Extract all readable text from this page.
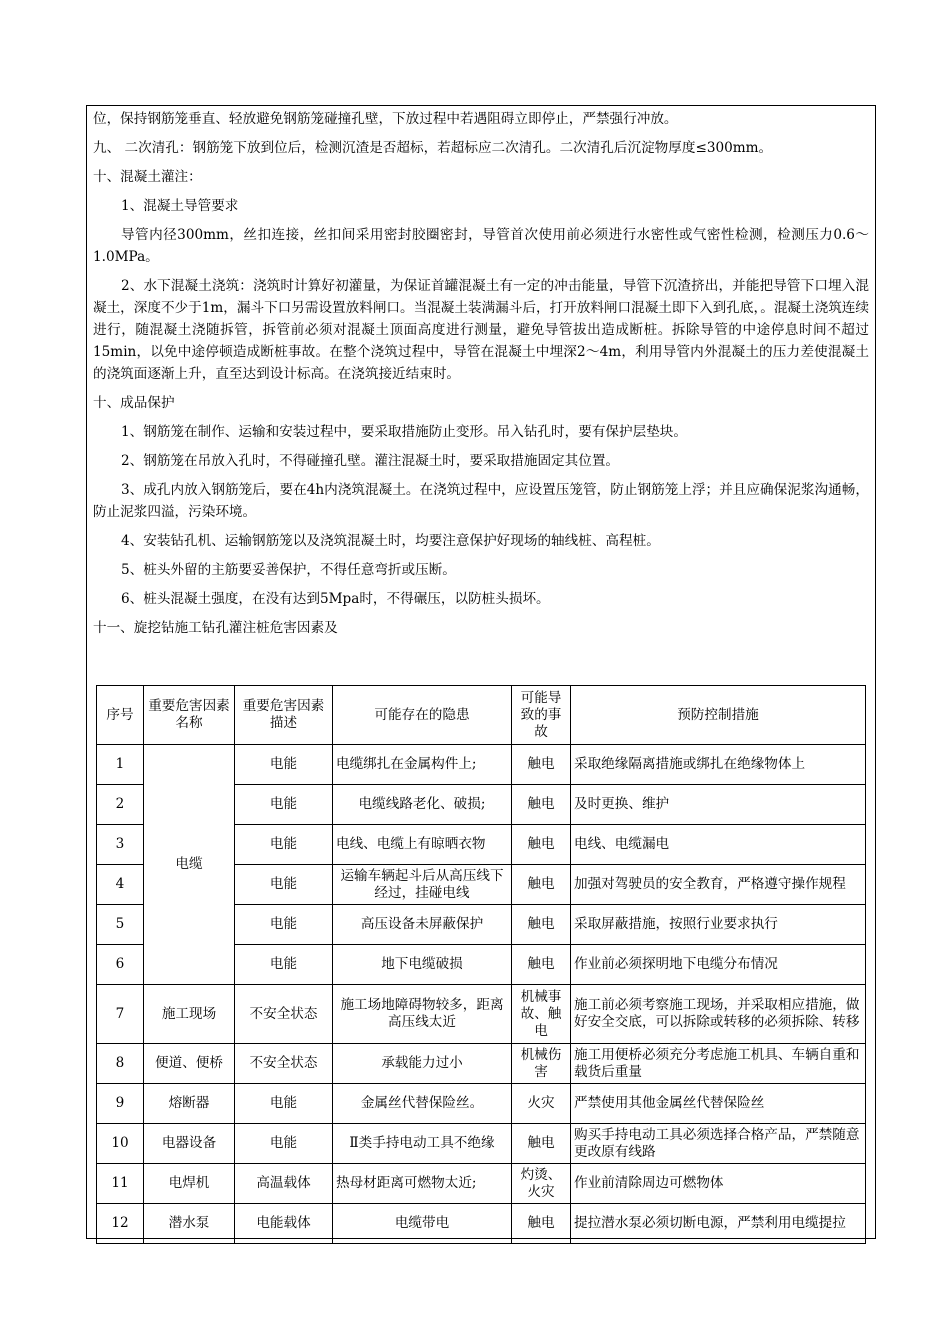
位，保持钢筋笼垂直、轻放避免钢筋笼碰撞孔壁，下放过程中若遇阻碍立即停止，严禁强行冲放。

九、 二次清孔：钢筋笼下放到位后，检测沉渣是否超标，若超标应二次清孔。二次清孔后沉淀物厚度≤300mm。

十、混凝土灌注：

1、混凝土导管要求

导管内径300mm，丝扣连接，丝扣间采用密封胶圈密封，导管首次使用前必须进行水密性或气密性检测，检测压力0.6～1.0MPa。

2、水下混凝土浇筑：浇筑时计算好初灌量，为保证首罐混凝土有一定的冲击能量，导管下沉渣挤出，并能把导管下口埋入混凝土，深度不少于1m，漏斗下口另需设置放料闸口。当混凝土装满漏斗后，打开放料闸口混凝土即下入到孔底，。混凝土浇筑连续进行，随混凝土浇随拆管，拆管前必须对混凝土顶面高度进行测量，避免导管拔出造成断桩。拆除导管的中途停息时间不超过15min，以免中途停顿造成断桩事故。在整个浇筑过程中，导管在混凝土中埋深2～4m，利用导管内外混凝土的压力差使混凝土的浇筑面逐渐上升，直至达到设计标高。在浇筑接近结束时。

十、成品保护

1、钢筋笼在制作、运输和安装过程中，要采取措施防止变形。吊入钻孔时，要有保护层垫块。

2、钢筋笼在吊放入孔时，不得碰撞孔壁。灌注混凝土时，要采取措施固定其位置。

3、成孔内放入钢筋笼后，要在4h内浇筑混凝土。在浇筑过程中，应设置压笼管，防止钢筋笼上浮；并且应确保泥浆沟通畅，防止泥浆四溢，污染环境。

4、安装钻孔机、运输钢筋笼以及浇筑混凝土时，均要注意保护好现场的轴线桩、高程桩。

5、桩头外留的主筋要妥善保护，不得任意弯折或压断。

6、桩头混凝土强度，在没有达到5Mpa时，不得碾压，以防桩头损坏。

十一、旋挖钻施工钻孔灌注桩危害因素及

序号	重要危害因素名称	重要危害因素描述	可能存在的隐患	可能导致的事故	预防控制措施
1	电缆	电能	电缆绑扎在金属构件上;	触电	采取绝缘隔离措施或绑扎在绝缘物体上
2		电能	电缆线路老化、破损;	触电	及时更换、维护
3		电能	电线、电缆上有晾晒衣物	触电	电线、电缆漏电
4		电能	运输车辆起斗后从高压线下经过，挂碰电线	触电	加强对驾驶员的安全教育，严格遵守操作规程
5		电能	高压设备未屏蔽保护	触电	采取屏蔽措施，按照行业要求执行
6		电能	地下电缆破损	触电	作业前必须探明地下电缆分布情况
7	施工现场	不安全状态	施工场地障碍物较多，距离高压线太近	机械事故、触电	施工前必须考察施工现场，并采取相应措施，做好安全交底，可以拆除或转移的必须拆除、转移
8	便道、便桥	不安全状态	承载能力过小	机械伤害	施工用便桥必须充分考虑施工机具、车辆自重和载货后重量
9	熔断器	电能	金属丝代替保险丝。	火灾	严禁使用其他金属丝代替保险丝
10	电器设备	电能	Ⅱ类手持电动工具不绝缘	触电	购买手持电动工具必须选择合格产品，严禁随意更改原有线路
11	电焊机	高温载体	热母材距离可燃物太近;	灼烫、火灾	作业前清除周边可燃物体
12	潜水泵	电能载体	电缆带电	触电	提拉潜水泵必须切断电源，严禁利用电缆提拉
